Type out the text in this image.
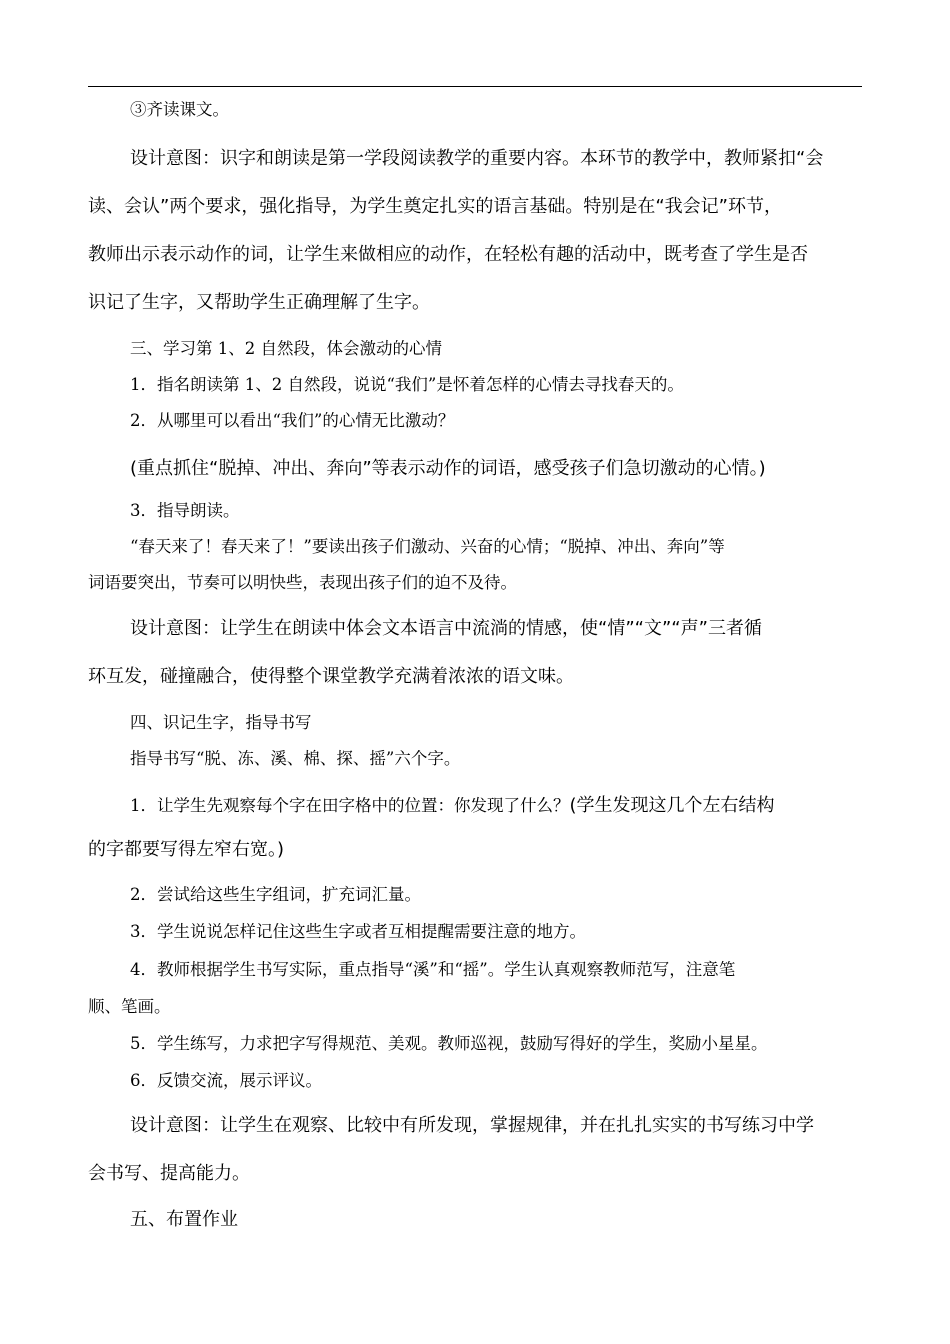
③齐读课文。
设计意图：识字和朗读是第一学段阅读教学的重要内容。本环节的教学中，教师紧扣“会
读、会认”两个要求，强化指导，为学生奠定扎实的语言基础。特别是在“我会记”环节，
教师出示表示动作的词，让学生来做相应的动作，在轻松有趣的活动中，既考查了学生是否
识记了生字，又帮助学生正确理解了生字。
三、学习第 1、2 自然段，体会激动的心情
1．指名朗读第 1、2 自然段，说说“我们”是怀着怎样的心情去寻找春天的。
2．从哪里可以看出“我们”的心情无比激动？
(重点抓住“脱掉、冲出、奔向”等表示动作的词语，感受孩子们急切激动的心情。)
3．指导朗读。
“春天来了！春天来了！”要读出孩子们激动、兴奋的心情；“脱掉、冲出、奔向”等
词语要突出，节奏可以明快些，表现出孩子们的迫不及待。
设计意图：让学生在朗读中体会文本语言中流淌的情感，使“情”“文”“声”三者循
环互发，碰撞融合，使得整个课堂教学充满着浓浓的语文味。
四、识记生字，指导书写
指导书写“脱、冻、溪、棉、探、摇”六个字。
1．让学生先观察每个字在田字格中的位置：你发现了什么？(学生发现这几个左右结构
的字都要写得左窄右宽。)
2．尝试给这些生字组词，扩充词汇量。
3．学生说说怎样记住这些生字或者互相提醒需要注意的地方。
4．教师根据学生书写实际，重点指导“溪”和“摇”。学生认真观察教师范写，注意笔
顺、笔画。
5．学生练写，力求把字写得规范、美观。教师巡视，鼓励写得好的学生，奖励小星星。
6．反馈交流，展示评议。
设计意图：让学生在观察、比较中有所发现，掌握规律，并在扎扎实实的书写练习中学
会书写、提高能力。
五、布置作业
